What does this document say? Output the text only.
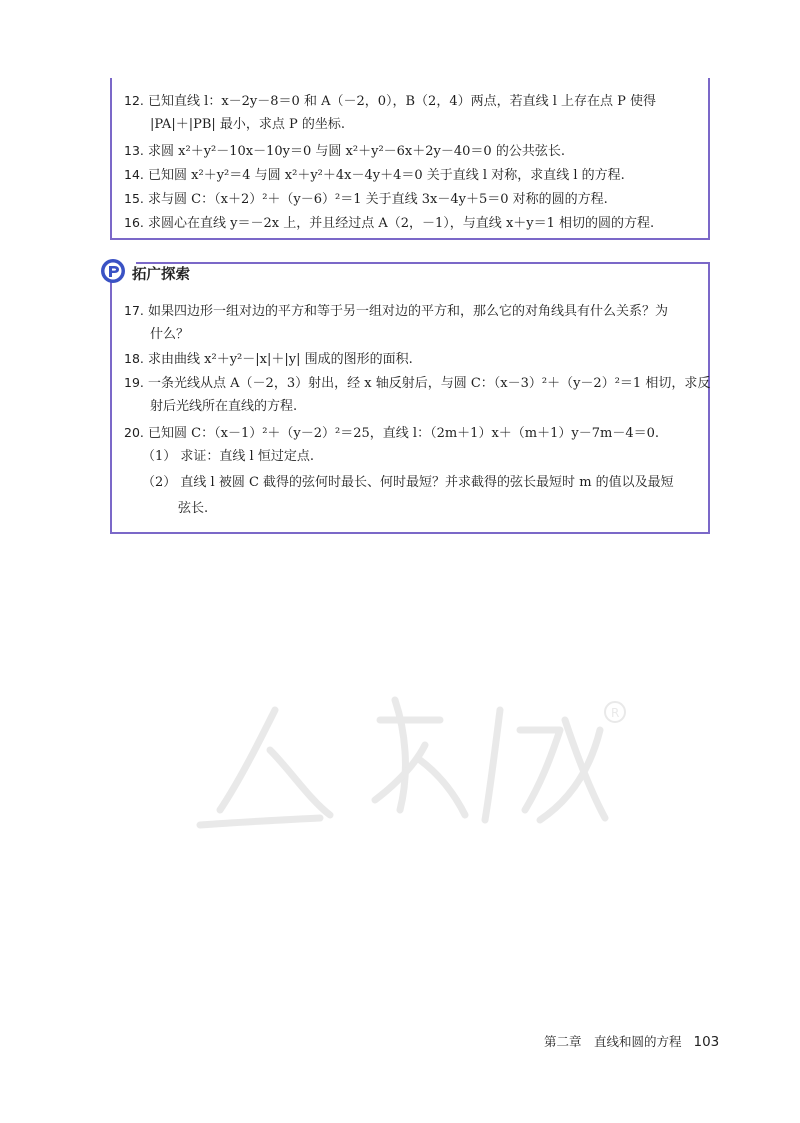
12. 已知直线 l：x－2y－8＝0 和 A（－2，0），B（2，4）两点，若直线 l 上存在点 P 使得
|PA|＋|PB| 最小，求点 P 的坐标.
13. 求圆 x²＋y²－10x－10y＝0 与圆 x²＋y²－6x＋2y－40＝0 的公共弦长.
14. 已知圆 x²＋y²＝4 与圆 x²＋y²＋4x－4y＋4＝0 关于直线 l 对称，求直线 l 的方程.
15. 求与圆 C：（x＋2）²＋（y－6）²＝1 关于直线 3x－4y＋5＝0 对称的圆的方程.
16. 求圆心在直线 y＝－2x 上，并且经过点 A（2，－1），与直线 x＋y＝1 相切的圆的方程.
拓广探索
17. 如果四边形一组对边的平方和等于另一组对边的平方和，那么它的对角线具有什么关系？为
什么？
18. 求由曲线 x²＋y²－|x|＋|y| 围成的图形的面积.
19. 一条光线从点 A（－2，3）射出，经 x 轴反射后，与圆 C：（x－3）²＋（y－2）²＝1 相切，求反
射后光线所在直线的方程.
20. 已知圆 C：（x－1）²＋（y－2）²＝25，直线 l：（2m＋1）x＋（m＋1）y－7m－4＝0.
（1） 求证：直线 l 恒过定点.
（2） 直线 l 被圆 C 截得的弦何时最长、何时最短？并求截得的弦长最短时 m 的值以及最短
弦长.
R
第二章　直线和圆的方程 103
